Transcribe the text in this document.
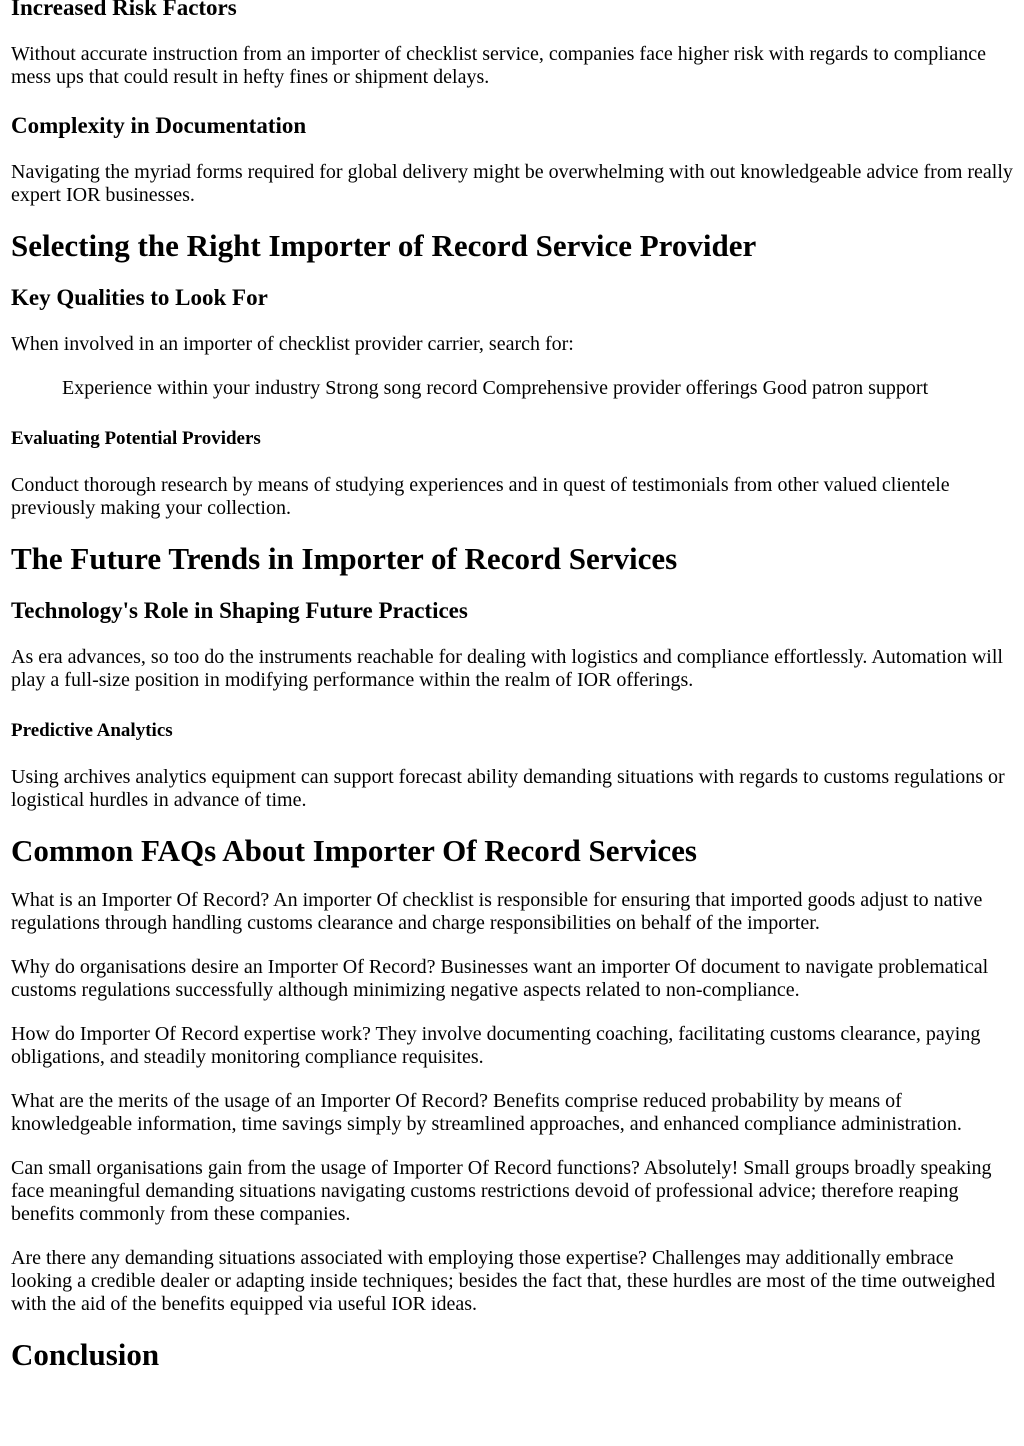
Increased Risk Factors

Without accurate instruction from an importer of checklist service, companies face higher risk with regards to compliance mess ups that could result in hefty fines or shipment delays.

Complexity in Documentation

Navigating the myriad forms required for global delivery might be overwhelming with out knowledgeable advice from really expert IOR businesses.

Selecting the Right Importer of Record Service Provider
Key Qualities to Look For

When involved in an importer of checklist provider carrier, search for:

Experience within your industry Strong song record Comprehensive provider offerings Good patron support
Evaluating Potential Providers

Conduct thorough research by means of studying experiences and in quest of testimonials from other valued clientele previously making your collection.

The Future Trends in Importer of Record Services
Technology's Role in Shaping Future Practices

As era advances, so too do the instruments reachable for dealing with logistics and compliance effortlessly. Automation will play a full-size position in modifying performance within the realm of IOR offerings.

Predictive Analytics

Using archives analytics equipment can support forecast ability demanding situations with regards to customs regulations or logistical hurdles in advance of time.

Common FAQs About Importer Of Record Services

What is an Importer Of Record? An importer Of checklist is responsible for ensuring that imported goods adjust to native regulations through handling customs clearance and charge responsibilities on behalf of the importer.

Why do organisations desire an Importer Of Record? Businesses want an importer Of document to navigate problematical customs regulations successfully although minimizing negative aspects related to non-compliance.

How do Importer Of Record expertise work? They involve documenting coaching, facilitating customs clearance, paying obligations, and steadily monitoring compliance requisites.

What are the merits of the usage of an Importer Of Record? Benefits comprise reduced probability by means of knowledgeable information, time savings simply by streamlined approaches, and enhanced compliance administration.

Can small organisations gain from the usage of Importer Of Record functions? Absolutely! Small groups broadly speaking face meaningful demanding situations navigating customs restrictions devoid of professional advice; therefore reaping benefits commonly from these companies.

Are there any demanding situations associated with employing those expertise? Challenges may additionally embrace looking a credible dealer or adapting inside techniques; besides the fact that, these hurdles are most of the time outweighed with the aid of the benefits equipped via useful IOR ideas.

Conclusion
